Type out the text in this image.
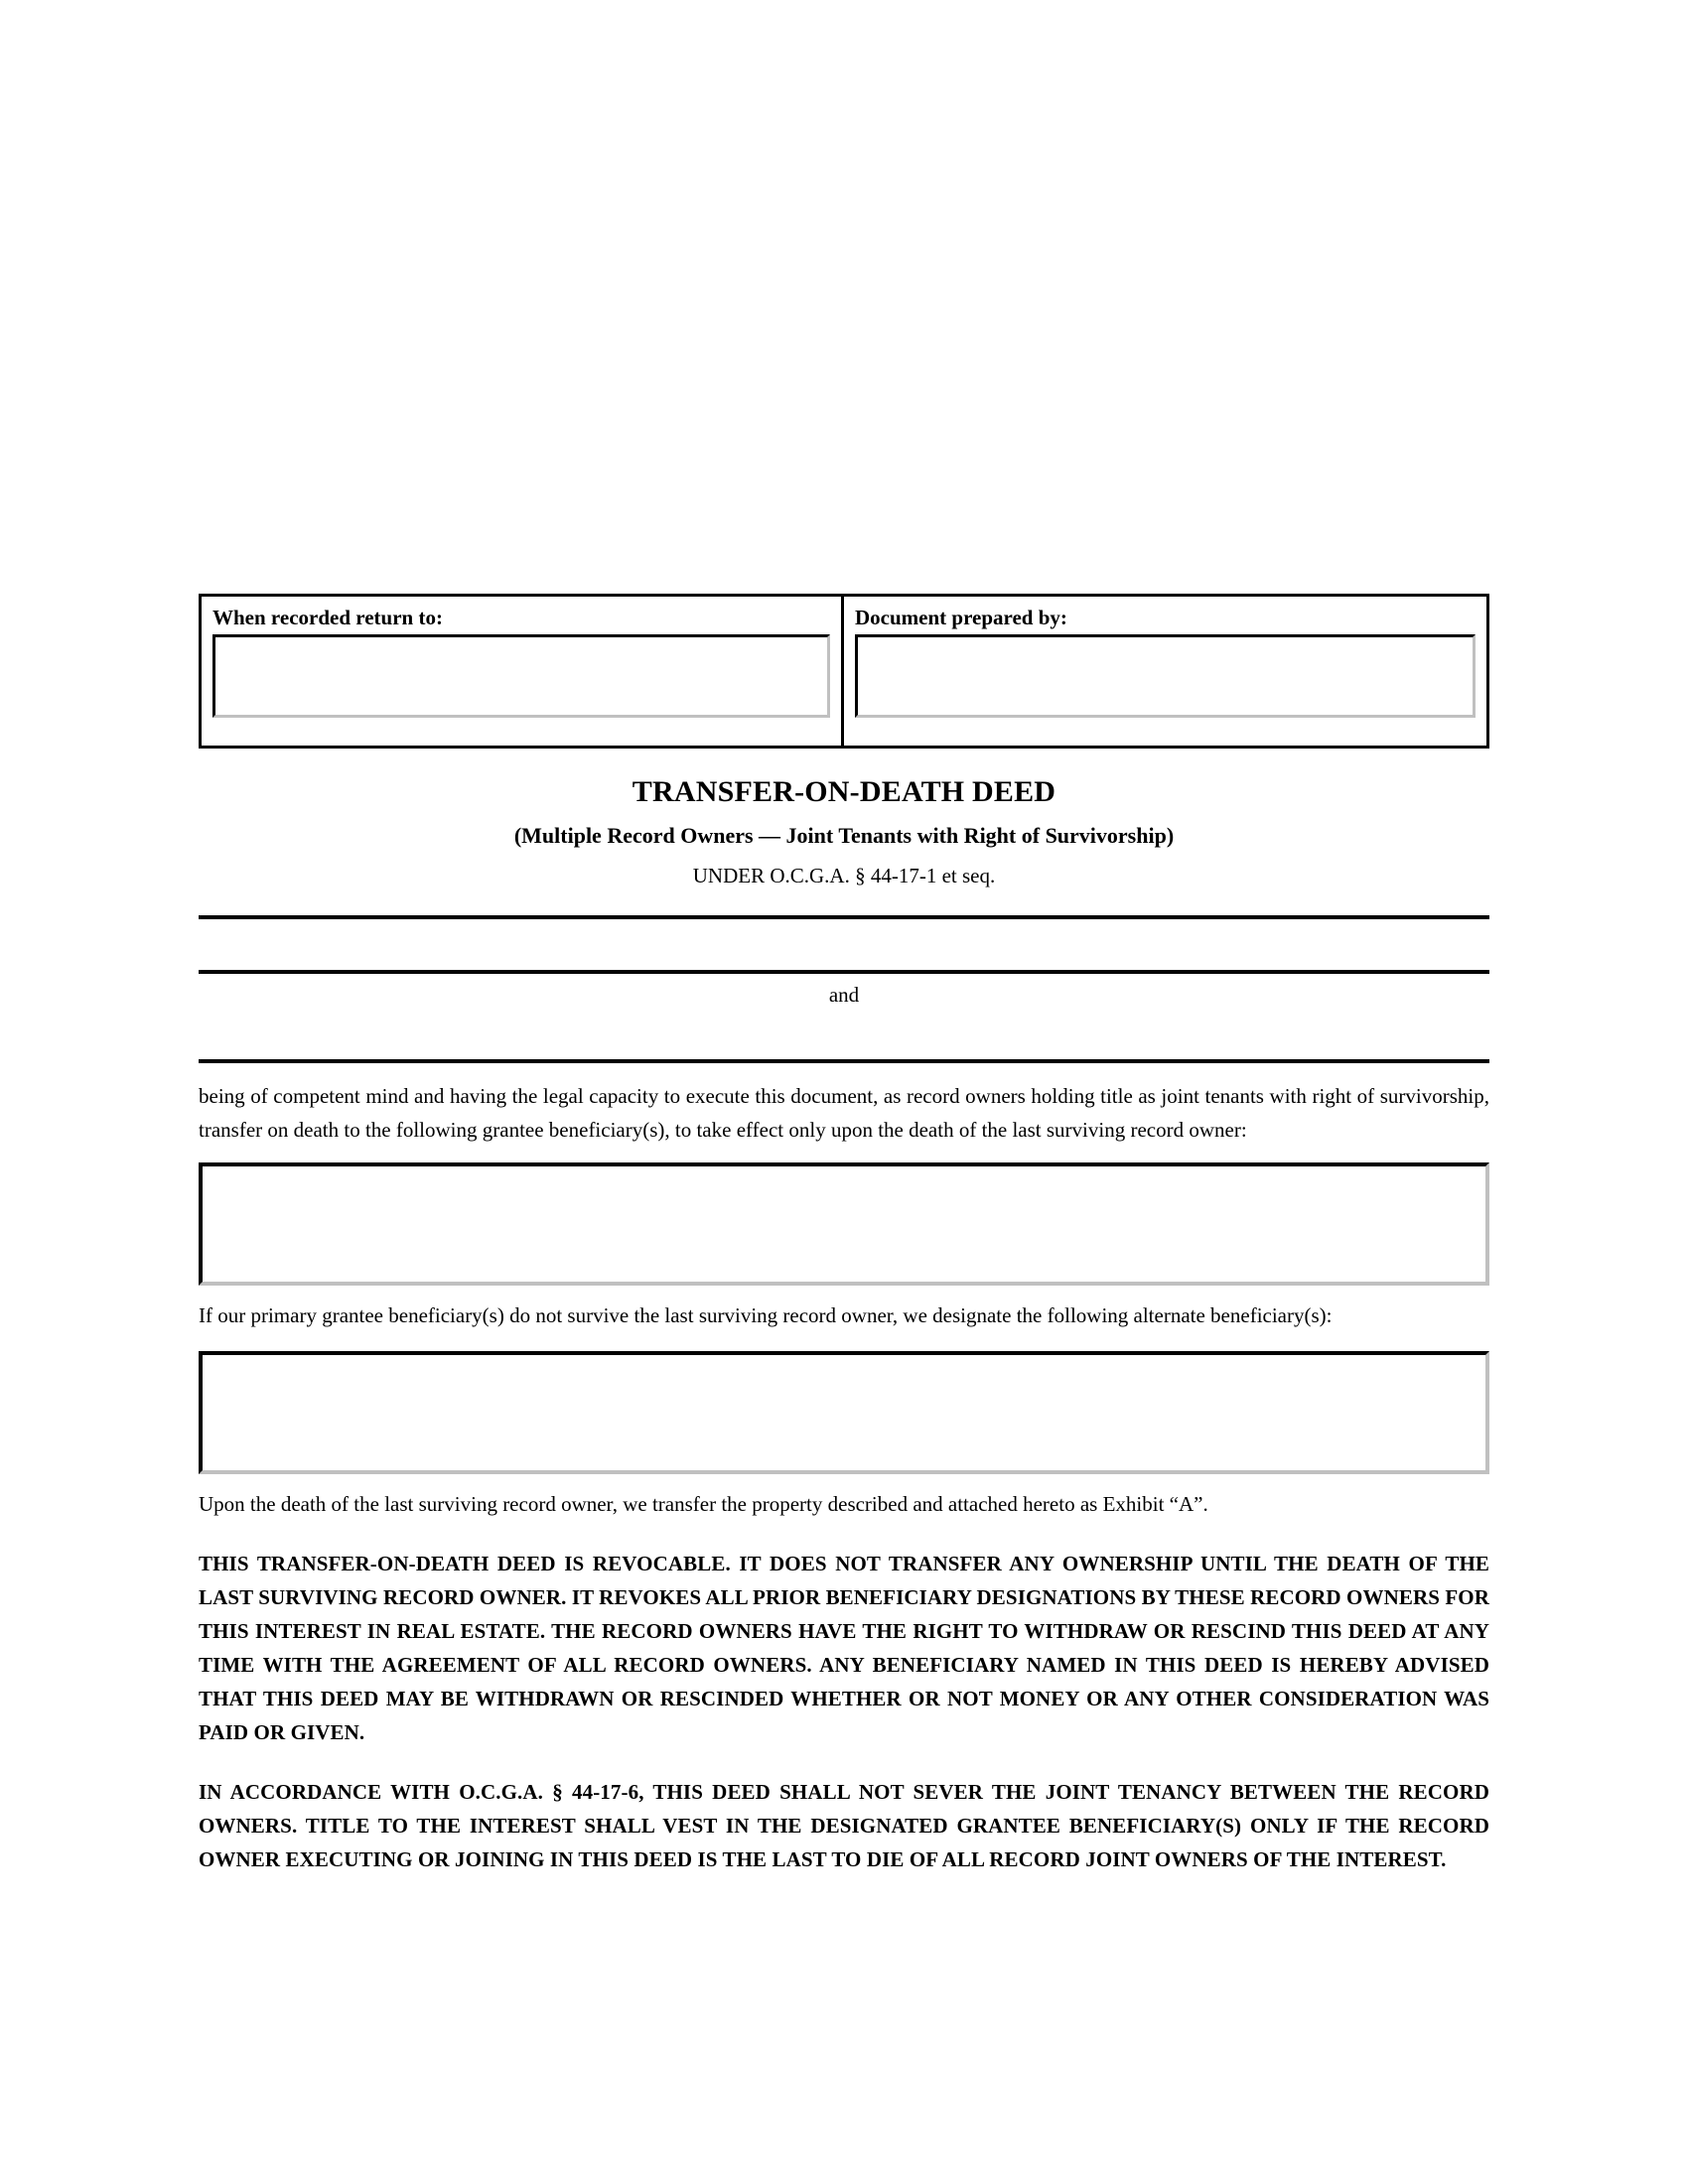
When recorded return to:	Document prepared by:
TRANSFER-ON-DEATH DEED
(Multiple Record Owners — Joint Tenants with Right of Survivorship)
UNDER O.C.G.A. § 44-17-1 et seq.
and
being of competent mind and having the legal capacity to execute this document, as record owners holding title as joint tenants with right of survivorship, transfer on death to the following grantee beneficiary(s), to take effect only upon the death of the last surviving record owner:
If our primary grantee beneficiary(s) do not survive the last surviving record owner, we designate the following alternate beneficiary(s):
Upon the death of the last surviving record owner, we transfer the property described and attached hereto as Exhibit “A”.
THIS TRANSFER-ON-DEATH DEED IS REVOCABLE. IT DOES NOT TRANSFER ANY OWNERSHIP UNTIL THE DEATH OF THE LAST SURVIVING RECORD OWNER. IT REVOKES ALL PRIOR BENEFICIARY DESIGNATIONS BY THESE RECORD OWNERS FOR THIS INTEREST IN REAL ESTATE. THE RECORD OWNERS HAVE THE RIGHT TO WITHDRAW OR RESCIND THIS DEED AT ANY TIME WITH THE AGREEMENT OF ALL RECORD OWNERS. ANY BENEFICIARY NAMED IN THIS DEED IS HEREBY ADVISED THAT THIS DEED MAY BE WITHDRAWN OR RESCINDED WHETHER OR NOT MONEY OR ANY OTHER CONSIDERATION WAS PAID OR GIVEN.
IN ACCORDANCE WITH O.C.G.A. § 44-17-6, THIS DEED SHALL NOT SEVER THE JOINT TENANCY BETWEEN THE RECORD OWNERS. TITLE TO THE INTEREST SHALL VEST IN THE DESIGNATED GRANTEE BENEFICIARY(S) ONLY IF THE RECORD OWNER EXECUTING OR JOINING IN THIS DEED IS THE LAST TO DIE OF ALL RECORD JOINT OWNERS OF THE INTEREST.
